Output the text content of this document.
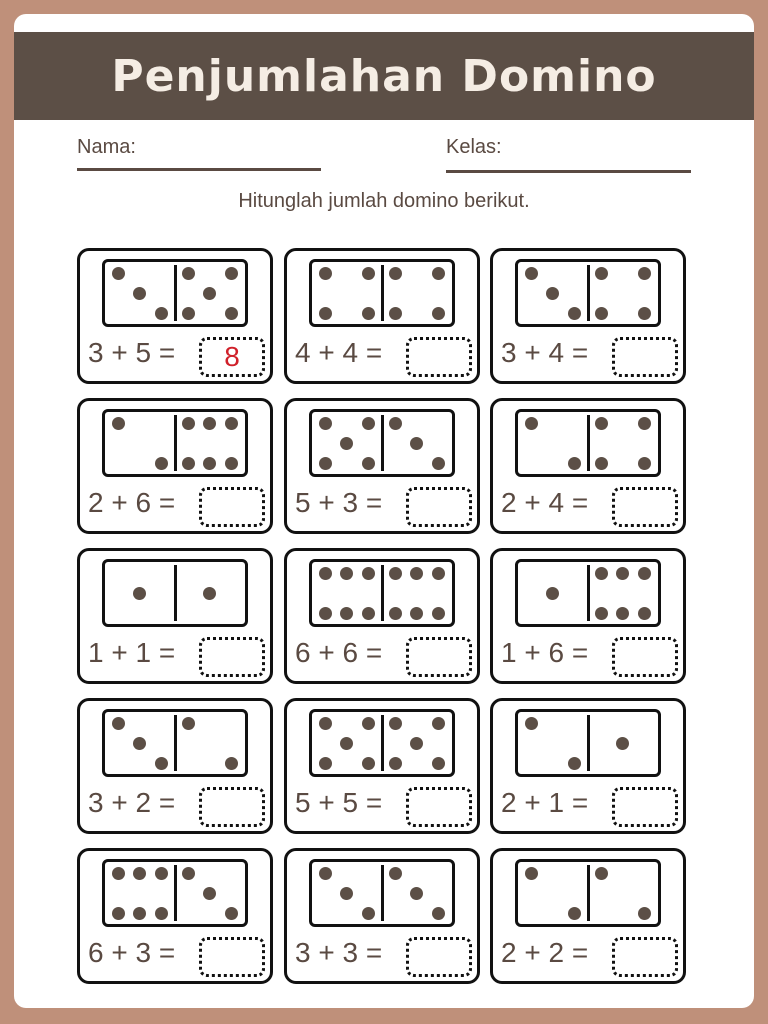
Penjumlahan Domino
Nama:	Kelas:
Hitunglah jumlah domino berikut.
3 + 5 =	8	4 + 4 =	3 + 4 =
2 + 6 =	5 + 3 =	2 + 4 =
1 + 1 =	6 + 6 =	1 + 6 =
3 + 2 =	5 + 5 =	2 + 1 =
6 + 3 =	3 + 3 =	2 + 2 =
